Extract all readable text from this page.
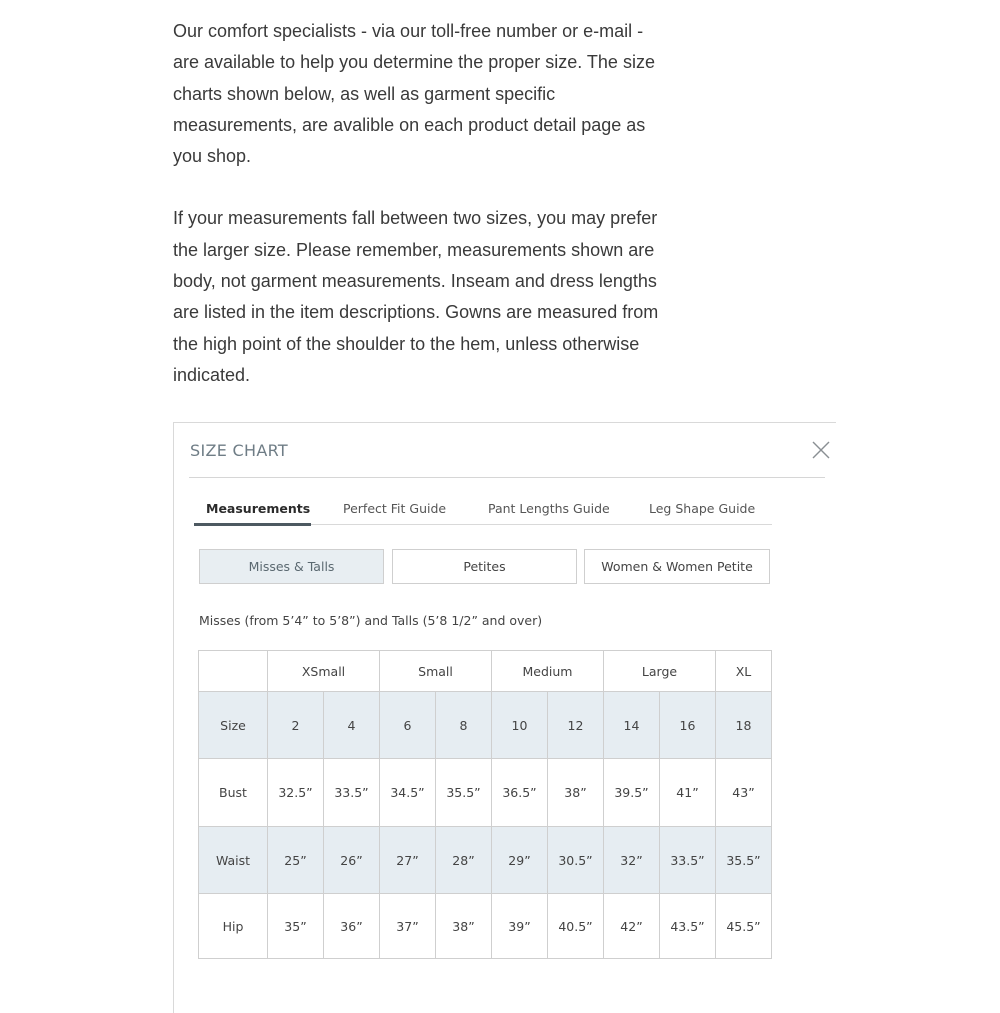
Our comfort specialists - via our toll-free number or e-mail - are available to help you determine the proper size. The size charts shown below, as well as garment specific measurements, are avalible on each product detail page as you shop.

If your measurements fall between two sizes, you may prefer the larger size. Please remember, measurements shown are body, not garment measurements. Inseam and dress lengths are listed in the item descriptions. Gowns are measured from the high point of the shoulder to the hem, unless otherwise indicated.

SIZE CHART
Measurements	Perfect Fit Guide	Pant Lengths Guide	Leg Shape Guide
Misses & Talls	Petites	Women & Women Petite
Misses (from 5’4” to 5’8”) and Talls (5’8 1/2” and over)
	XSmall		Small		Medium		Large		XL
Size	2	4	6	8	10	12	14	16	18
Bust	32.5”	33.5”	34.5”	35.5”	36.5”	38”	39.5”	41”	43”
Waist	25”	26”	27”	28”	29”	30.5”	32”	33.5”	35.5”
Hip	35”	36”	37”	38”	39”	40.5”	42”	43.5”	45.5”
